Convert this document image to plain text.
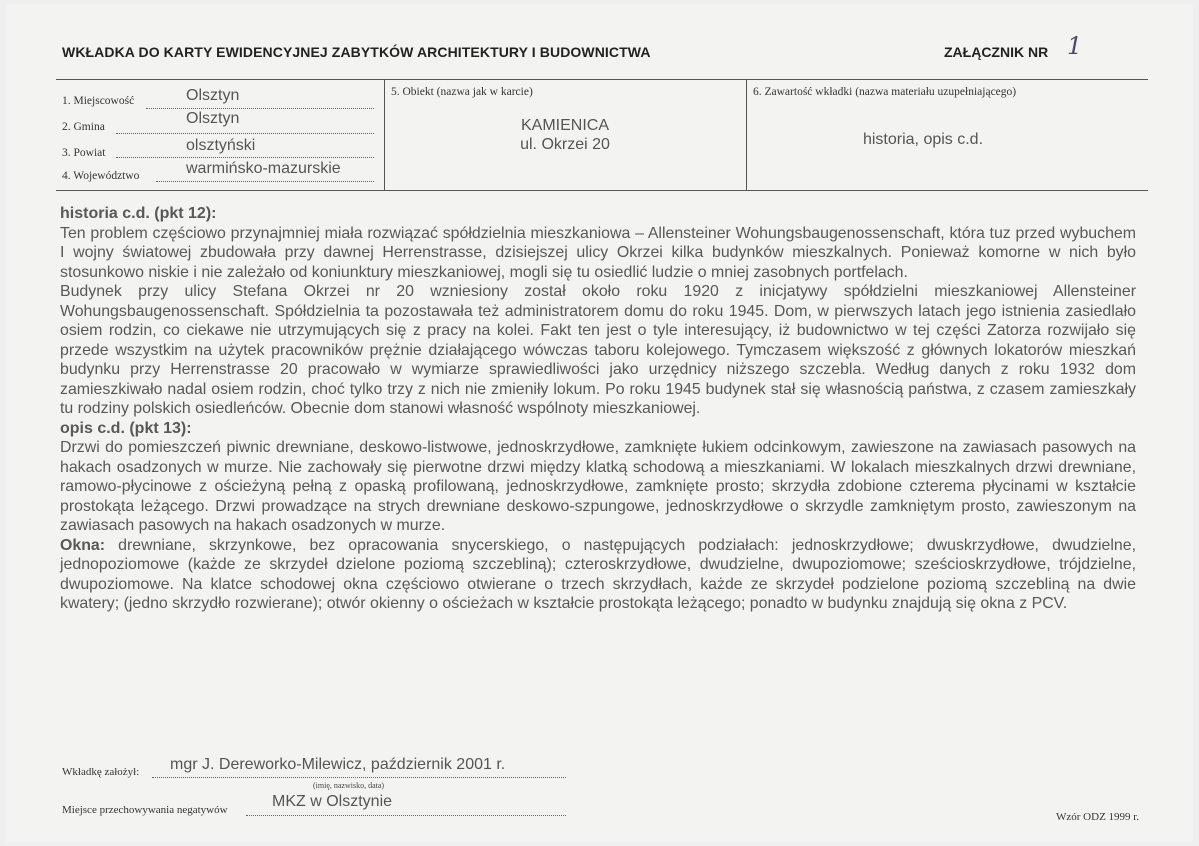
WKŁADKA DO KARTY EWIDENCYJNEJ ZABYTKÓW ARCHITEKTURY I BUDOWNICTWA	ZAŁĄCZNIK NR 1
1. Miejscowość	Olsztyn
2. Gmina	Olsztyn
3. Powiat	olsztyński
4. Województwo	warmińsko-mazurskie
5. Obiekt (nazwa jak w karcie)
KAMIENICA
ul. Okrzei 20
6. Zawartość wkładki (nazwa materiału uzupełniającego)
historia, opis c.d.
historia c.d. (pkt 12):

Ten problem częściowo przynajmniej miała rozwiązać spółdzielnia mieszkaniowa – Allensteiner Wohungsbaugenossenschaft, która tuz przed wybuchem I wojny światowej zbudowała przy dawnej Herrenstrasse, dzisiejszej ulicy Okrzei kilka budynków mieszkalnych. Ponieważ komorne w nich było stosunkowo niskie i nie zależało od koniunktury mieszkaniowej, mogli się tu osiedlić ludzie o mniej zasobnych portfelach.

Budynek przy ulicy Stefana Okrzei nr 20 wzniesiony został około roku 1920 z inicjatywy spółdzielni mieszkaniowej Allensteiner Wohungsbaugenossenschaft. Spółdzielnia ta pozostawała też administratorem domu do roku 1945. Dom, w pierwszych latach jego istnienia zasiedlało osiem rodzin, co ciekawe nie utrzymujących się z pracy na kolei. Fakt ten jest o tyle interesujący, iż budownictwo w tej części Zatorza rozwijało się przede wszystkim na użytek pracowników prężnie działającego wówczas taboru kolejowego. Tymczasem większość z głównych lokatorów mieszkań budynku przy Herrenstrasse 20 pracowało w wymiarze sprawiedliwości jako urzędnicy niższego szczebla. Według danych z roku 1932 dom zamieszkiwało nadal osiem rodzin, choć tylko trzy z nich nie zmieniły lokum. Po roku 1945 budynek stał się własnością państwa, z czasem zamieszkały tu rodziny polskich osiedleńców. Obecnie dom stanowi własność wspólnoty mieszkaniowej.

opis c.d. (pkt 13):

Drzwi do pomieszczeń piwnic drewniane, deskowo-listwowe, jednoskrzydłowe, zamknięte łukiem odcinkowym, zawieszone na zawiasach pasowych na hakach osadzonych w murze. Nie zachowały się pierwotne drzwi między klatką schodową a mieszkaniami. W lokalach mieszkalnych drzwi drewniane, ramowo-płycinowe z ościeżyną pełną z opaską profilowaną, jednoskrzydłowe, zamknięte prosto; skrzydła zdobione czterema płycinami w kształcie prostokąta leżącego. Drzwi prowadzące na strych drewniane deskowo-szpungowe, jednoskrzydłowe o skrzydle zamkniętym prosto, zawieszonym na zawiasach pasowych na hakach osadzonych w murze.

Okna: drewniane, skrzynkowe, bez opracowania snycerskiego, o następujących podziałach: jednoskrzydłowe; dwuskrzydłowe, dwudzielne, jednopoziomowe (każde ze skrzydeł dzielone poziomą szczebliną); czteroskrzydłowe, dwudzielne, dwupoziomowe; sześcioskrzydłowe, trójdzielne, dwupoziomowe. Na klatce schodowej okna częściowo otwierane o trzech skrzydłach, każde ze skrzydeł podzielone poziomą szczebliną na dwie kwatery; (jedno skrzydło rozwierane); otwór okienny o ościeżach w kształcie prostokąta leżącego; ponadto w budynku znajdują się okna z PCV.

Wkładkę założył: mgr J. Dereworko-Milewicz, październik 2001 r.
(imię, nazwisko, data)
Miejsce przechowywania negatywów	MKZ w Olsztynie
Wzór ODZ 1999 r.
